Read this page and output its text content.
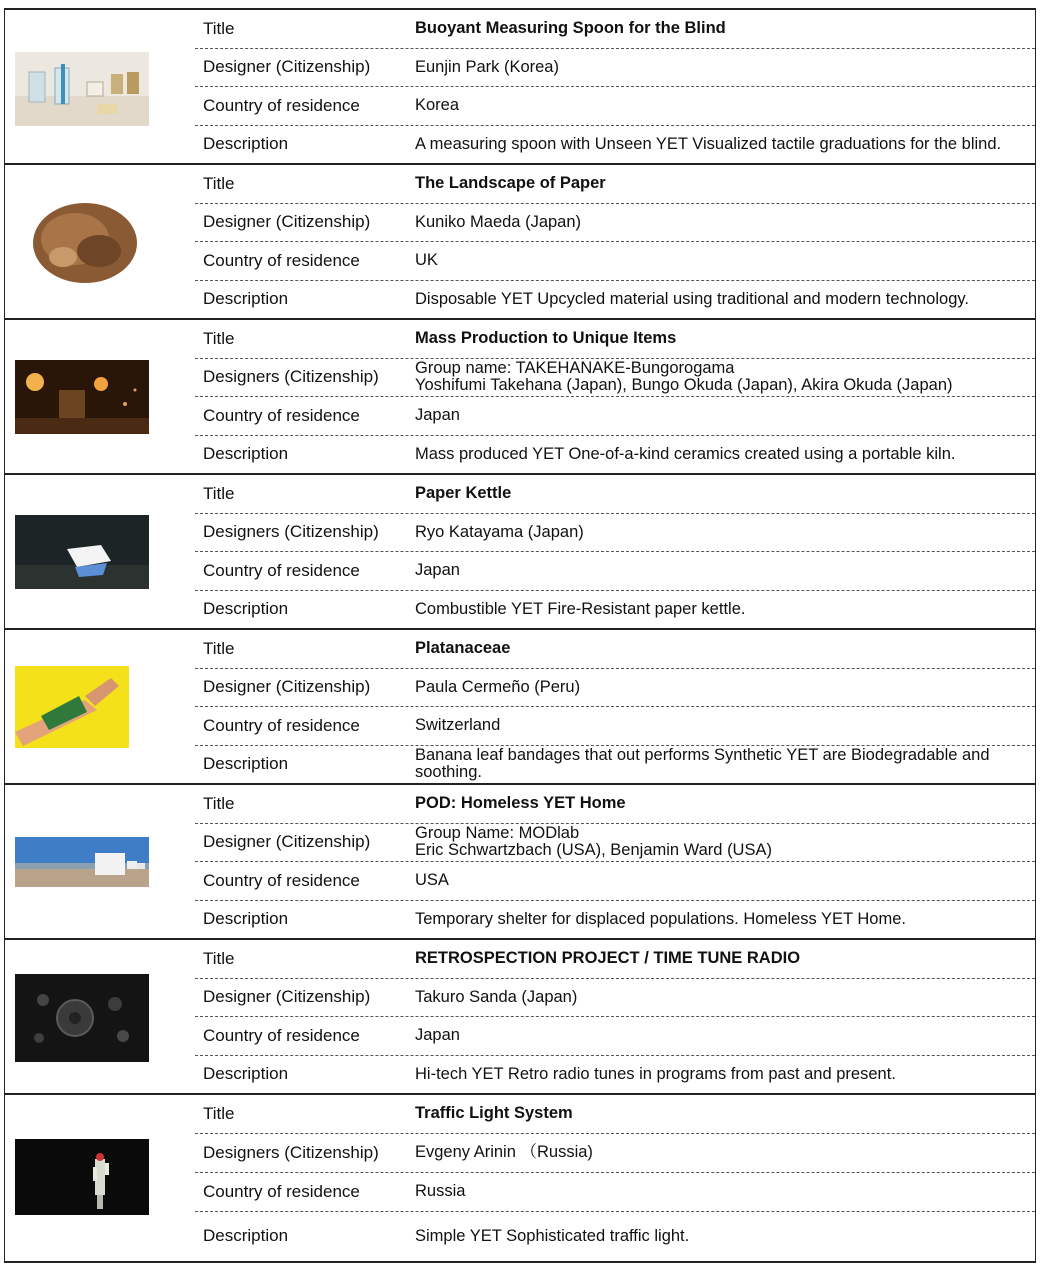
Title	Buoyant Measuring Spoon for the Blind
Designer (Citizenship)	Eunjin Park (Korea)
Country of residence	Korea
Description	A measuring spoon with Unseen YET Visualized tactile graduations for the blind.
Title	The Landscape of Paper
Designer (Citizenship)	Kuniko Maeda (Japan)
Country of residence	UK
Description	Disposable YET Upcycled material using traditional and modern technology.
Title	Mass Production to Unique Items
Designers (Citizenship)	Group name: TAKEHANAKE-Bungorogama
Yoshifumi Takehana (Japan), Bungo Okuda (Japan), Akira Okuda (Japan)
Country of residence	Japan
Description	Mass produced YET One-of-a-kind ceramics created using a portable kiln.
Title	Paper Kettle
Designers (Citizenship)	Ryo Katayama (Japan)
Country of residence	Japan
Description	Combustible YET Fire-Resistant paper kettle.
Title	Platanaceae
Designer (Citizenship)	Paula Cermeño (Peru)
Country of residence	Switzerland
Description	Banana leaf bandages that out performs Synthetic YET are Biodegradable and soothing.
Title	POD: Homeless YET Home
Designer (Citizenship)	Group Name: MODlab
Eric Schwartzbach (USA), Benjamin Ward (USA)
Country of residence	USA
Description	Temporary shelter for displaced populations. Homeless YET Home.
Title	RETROSPECTION PROJECT / TIME TUNE RADIO
Designer (Citizenship)	Takuro Sanda (Japan)
Country of residence	Japan
Description	Hi-tech YET Retro radio tunes in programs from past and present.
Title	Traffic Light System
Designers (Citizenship)	Evgeny Arinin （Russia)
Country of residence	Russia
Description	Simple YET Sophisticated traffic light.
